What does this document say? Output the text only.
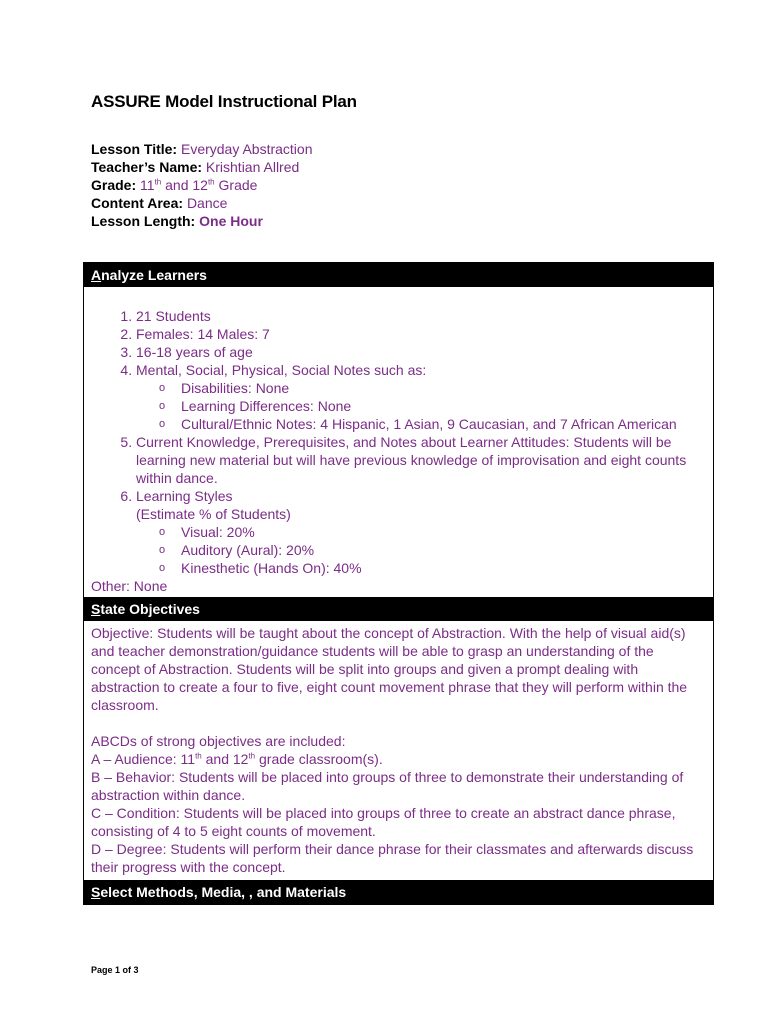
ASSURE Model Instructional Plan
Lesson Title: Everyday Abstraction
Teacher’s Name: Krishtian Allred
Grade: 11th and 12th Grade
Content Area: Dance
Lesson Length: One Hour
Analyze Learners
1. 21 Students
2. Females: 14 Males: 7
3. 16-18 years of age
4. Mental, Social, Physical, Social Notes such as:
o Disabilities: None
o Learning Differences: None
o Cultural/Ethnic Notes: 4 Hispanic, 1 Asian, 9 Caucasian, and 7 African American
5. Current Knowledge, Prerequisites, and Notes about Learner Attitudes: Students will be learning new material but will have previous knowledge of improvisation and eight counts within dance.
6. Learning Styles
(Estimate % of Students)
o Visual: 20%
o Auditory (Aural): 20%
o Kinesthetic (Hands On): 40%
Other: None
State Objectives

Objective: Students will be taught about the concept of Abstraction. With the help of visual aid(s) and teacher demonstration/guidance students will be able to grasp an understanding of the concept of Abstraction. Students will be split into groups and given a prompt dealing with abstraction to create a four to five, eight count movement phrase that they will perform within the classroom.

ABCDs of strong objectives are included:

A – Audience: 11th and 12th grade classroom(s).

B – Behavior: Students will be placed into groups of three to demonstrate their understanding of abstraction within dance.

C – Condition: Students will be placed into groups of three to create an abstract dance phrase, consisting of 4 to 5 eight counts of movement.

D – Degree: Students will perform their dance phrase for their classmates and afterwards discuss their progress with the concept.

Select Methods, Media, , and Materials
Page 1 of 3
